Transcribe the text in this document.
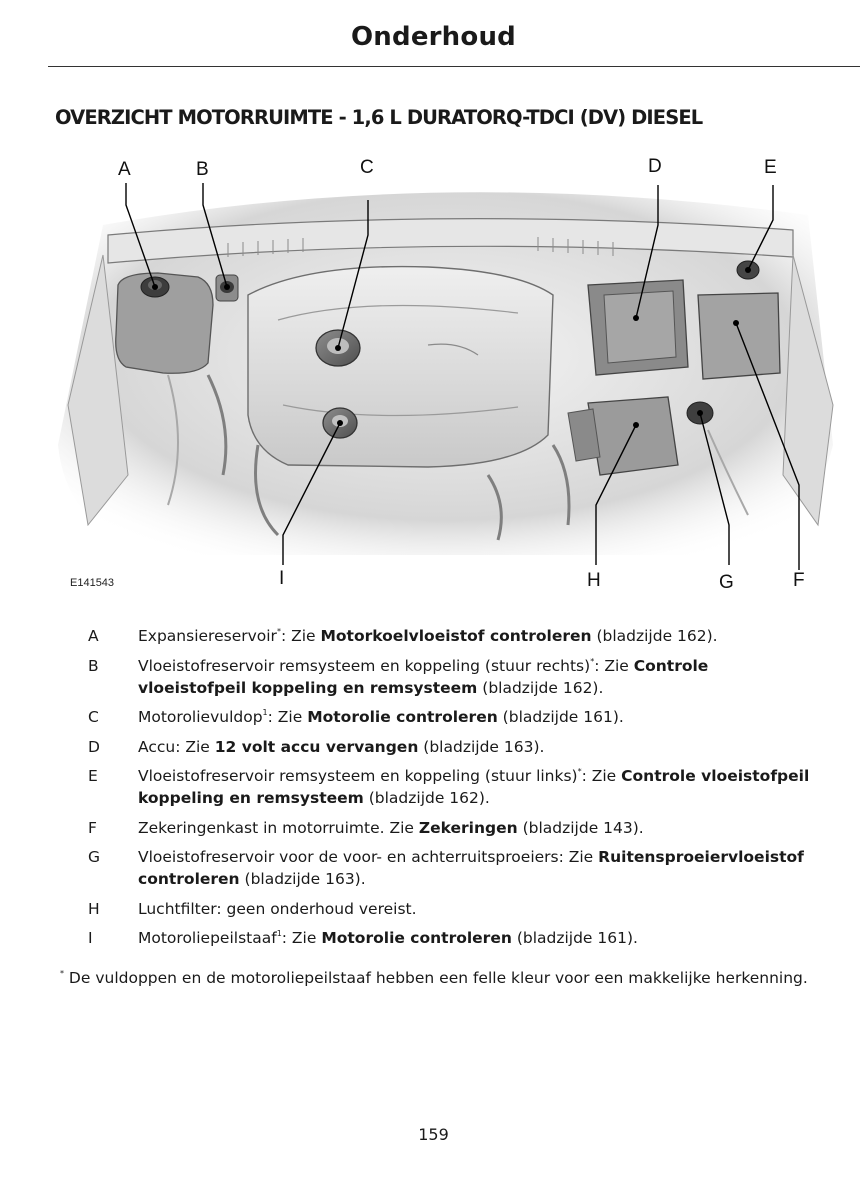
Onderhoud
OVERZICHT MOTORRUIMTE - 1,6 L DURATORQ-TDCI (DV) DIESEL
A	B	C	D	E
F
G
H
I
E141543
A	Expansiereservoir*: Zie Motorkoelvloeistof controleren (bladzijde 162).
B	Vloeistofreservoir remsysteem en koppeling (stuur rechts)*: Zie Controle vloeistofpeil koppeling en remsysteem (bladzijde 162).
C	Motorolievuldop$^1$: Zie Motorolie controleren (bladzijde 161).
D	Accu: Zie 12 volt accu vervangen (bladzijde 163).
E	Vloeistofreservoir remsysteem en koppeling (stuur links)*: Zie Controle vloeistofpeil koppeling en remsysteem (bladzijde 162).
F	Zekeringenkast in motorruimte. Zie Zekeringen (bladzijde 143).
G	Vloeistofreservoir voor de voor- en achterruitsproeiers: Zie Ruitensproeiervloeistof controleren (bladzijde 163).
H	Luchtfilter: geen onderhoud vereist.
I	Motoroliepeilstaaf$^1$: Zie Motorolie controleren (bladzijde 161).
* De vuldoppen en de motoroliepeilstaaf hebben een felle kleur voor een makkelijke herkenning.
159
